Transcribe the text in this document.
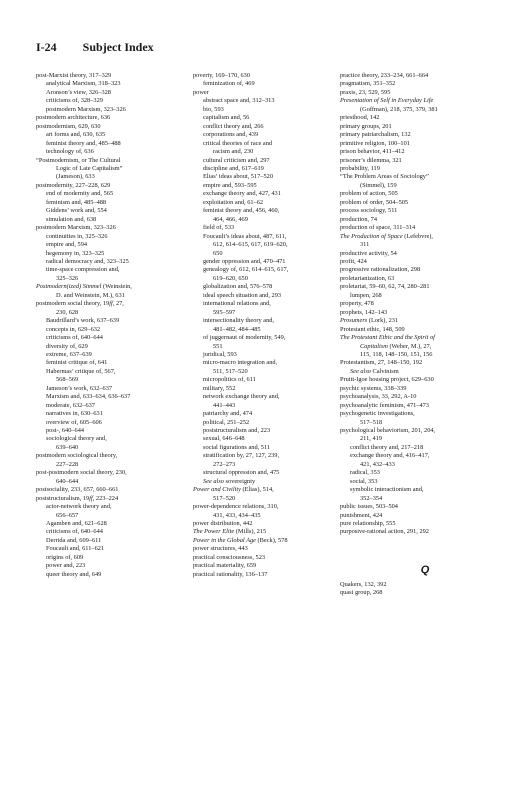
I-24 Subject Index
post-Marxist theory, 317–329
analytical Marxism, 318–323
Aronson’s view, 326–328
criticisms of, 328–329
postmodern Marxism, 323–326
postmodern architecture, 636
postmodernism, 629, 630
art forms and, 630, 635
feminist theory and, 485–488
technology of, 636
“Postmodernism, or The Cultural
Logic of Late Capitalism”
(Jameson), 633
postmodernity, 227–228, 629
end of modernity and, 565
feminism and, 485–488
Giddens’ work and, 554
simulation and, 638
postmodern Marxism, 323–326
continuities in, 325–326
empire and, 594
hegemony in, 323–325
radical democracy and, 323–325
time-space compression and,
325–326
Postmodern(ized) Simmel (Weinstein,
D. and Weinstein, M.), 631
postmodern social theory, 19ff, 27,
230, 628
Baudrillard’s work, 637–639
concepts in, 629–632
criticisms of, 640–644
diversity of, 629
extreme, 637–639
feminist critique of, 641
Habermas’ critique of, 567,
568–569
Jameson’s work, 632–637
Marxism and, 633–634, 636–637
moderate, 632–637
narratives in, 630–631
overview of, 605–606
post-, 640–644
sociological theory and,
639–640
postmodern sociological theory,
227–228
post-postmodern social theory, 230,
640–644
postsociality, 233, 657, 660–661
poststructuralism, 19ff, 223–224
actor-network theory and,
656–657
Agamben and, 621–628
criticisms of, 640–644
Derrida and, 609–611
Foucault and, 611–621
origins of, 609
power and, 223
queer theory and, 649
poverty, 169–170, 630
feminization of, 469
power
abstract space and, 312–313
bio, 593
capitalism and, 56
conflict theory and, 266
corporations and, 439
critical theories of race and
racism and, 230
cultural criticism and, 297
discipline and, 617–619
Elias’ ideas about, 517–520
empire and, 593–595
exchange theory and, 427, 431
exploitation and, 61–62
feminist theory and, 456, 460,
464, 466, 469
field of, 533
Foucault’s ideas about, 487, 611,
612, 614–615, 617, 619–620,
650
gender oppression and, 470–471
genealogy of, 612, 614–615, 617,
619–620, 650
globalization and, 576–578
ideal speech situation and, 293
international relations and,
595–597
intersectionality theory and,
481–482, 484–485
of juggernaut of modernity, 549,
551
juridical, 593
micro-macro integration and,
511, 517–520
micropolitics of, 611
military, 552
network exchange theory and,
441–443
patriarchy and, 474
political, 251–252
poststructuralism and, 223
sexual, 646–648
social figurations and, 511
stratification by, 27, 127, 239,
272–273
structural oppression and, 475
See also sovereignty
Power and Civility (Elias), 514,
517–520
power-dependence relations, 310,
431, 433, 434–435
power distribution, 442
The Power Elite (Mills), 215
Power in the Global Age (Beck), 578
power structures, 443
practical consciousness, 523
practical materiality, 659
practical rationality, 136–137
practice theory, 233–234, 661–664
pragmatism, 351–352
praxis, 23, 529, 595
Presentation of Self in Everyday Life
(Goffman), 218, 375, 379, 381
priesthood, 142
primary groups, 201
primary patriarchalism, 132
primitive religion, 100–101
prison behavior, 411–412
prisoner’s dilemma, 321
probability, 119
“The Problem Areas of Sociology”
(Simmel), 159
problem of action, 505
problem of order, 504–505
process sociology, 511
production, 74
production of space, 311–314
The Production of Space (Lefebvre),
311
productive activity, 54
profit, 424
progressive rationalization, 298
proletarianization, 63
proletariat, 59–60, 62, 74, 280–281
lumpen, 268
property, 478
prophets, 142–143
Prosumers (Lork), 231
Protestant ethic, 148, 509
The Protestant Ethic and the Spirit of
Capitalism (Weber, M.), 27,
115, 118, 148–150, 151, 156
Protestantism, 27, 148–150, 192
See also Calvinism
Pruitt-Igoe housing project, 629–630
psychic systems, 338–339
psychoanalysis, 33, 292, A-10
psychoanalytic feminism, 471–473
psychogenetic investigations,
517–518
psychological behaviorism, 201, 204,
211, 419
conflict theory and, 217–218
exchange theory and, 416–417,
421, 432–433
radical, 353
social, 353
symbolic interactionism and,
352–354
public issues, 503–504
punishment, 424
pure relationship, 555
purposive-rational action, 291, 292
Q
Quakers, 132, 392
quasi group, 268
